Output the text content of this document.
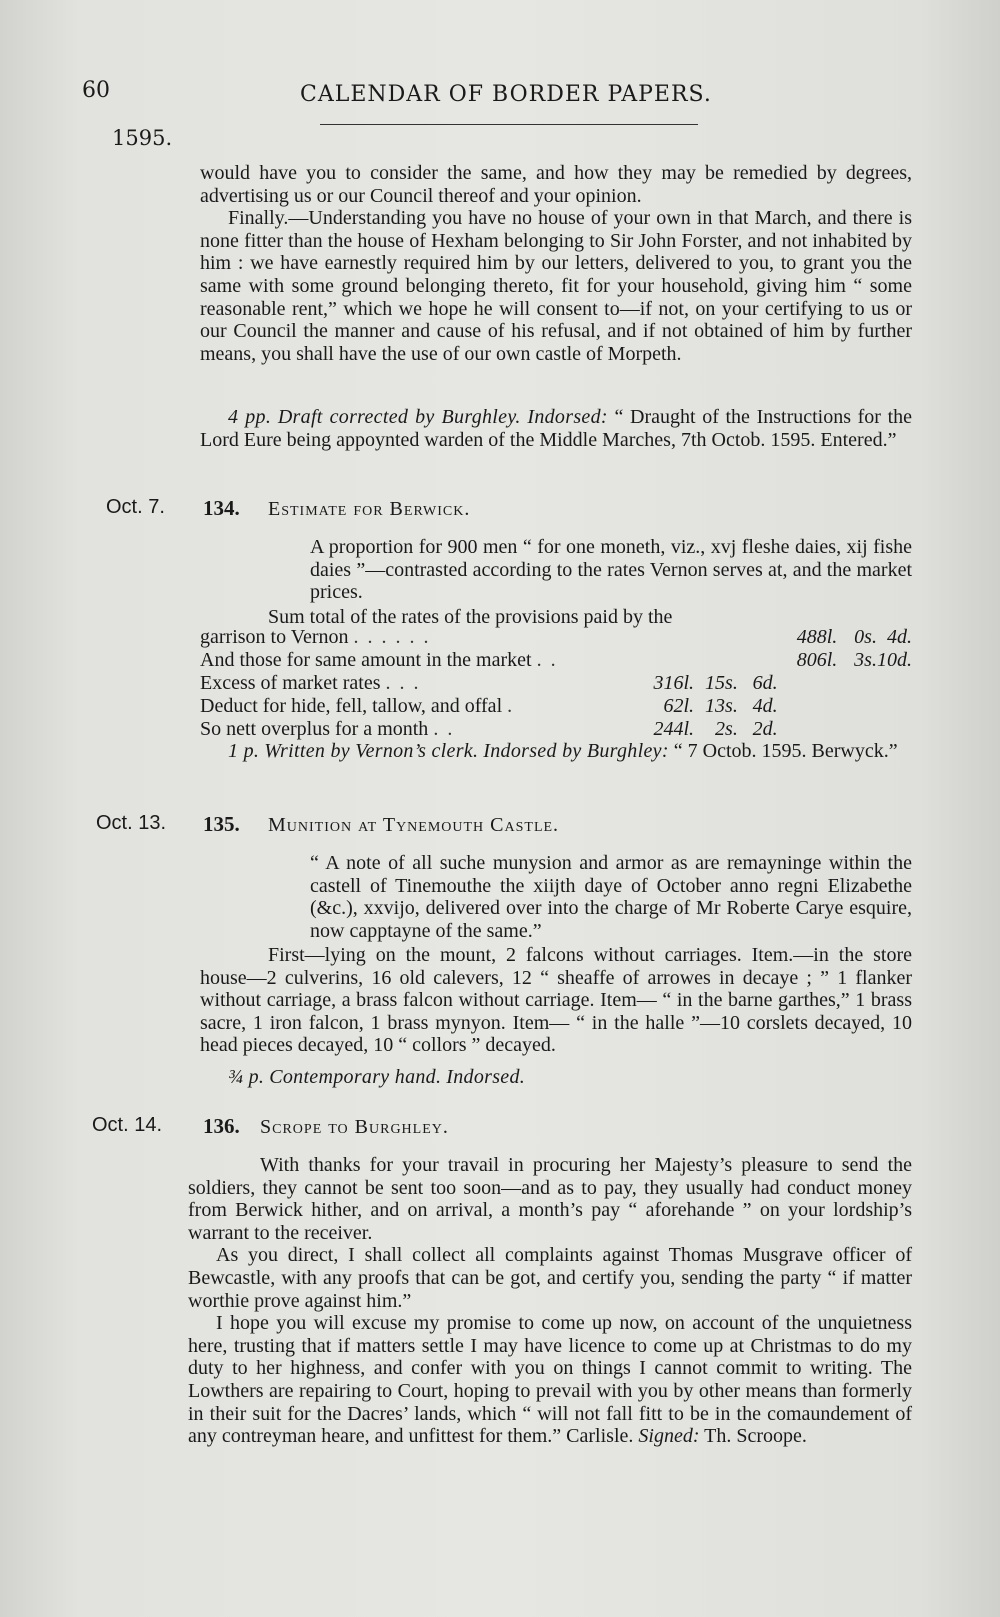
60	CALENDAR OF BORDER PAPERS.
1595.

would have you to consider the same, and how they may be remedied by degrees, advertising us or our Council thereof and your opinion.

Finally.—Understanding you have no house of your own in that March, and there is none fitter than the house of Hexham belonging to Sir John Forster, and not inhabited by him : we have earnestly required him by our letters, delivered to you, to grant you the same with some ground belonging thereto, fit for your household, giving him “ some reasonable rent,” which we hope he will consent to—if not, on your certifying to us or our Council the manner and cause of his refusal, and if not obtained of him by further means, you shall have the use of our own castle of Morpeth.

4 pp. Draft corrected by Burghley. Indorsed: “ Draught of the Instructions for the Lord Eure being appoynted warden of the Middle Marches, 7th Octob. 1595. Entered.”
Oct. 7. 134. Estimate for Berwick.

A proportion for 900 men “ for one moneth, viz., xvj fleshe daies, xij fishe daies ”—contrasted according to the rates Vernon serves at, and the market prices.

Sum total of the rates of the provisions paid by the
garrison to Vernon . . . . . .				488l.	0s.	4d.
And those for same amount in the market . .				806l.	3s.	10d.
Excess of market rates . . .	316l.	15s.	6d.			
Deduct for hide, fell, tallow, and offal .	62l.	13s.	4d.			
So nett overplus for a month . .	244l.	2s.	2d.			
1 p. Written by Vernon’s clerk. Indorsed by Burghley: “ 7 Octob. 1595. Berwyck.”
Oct. 13. 135. Munition at Tynemouth Castle.

“ A note of all suche munysion and armor as are remayninge within the castell of Tinemouthe the xiijth daye of October anno regni Elizabethe (&c.), xxvijo, delivered over into the charge of Mr Roberte Carye esquire, now capptayne of the same.”

First—lying on the mount, 2 falcons without carriages. Item.—in the store house—2 culverins, 16 old calevers, 12 “ sheaffe of arrowes in decaye ; ” 1 flanker without carriage, a brass falcon without carriage. Item— “ in the barne garthes,” 1 brass sacre, 1 iron falcon, 1 brass mynyon. Item— “ in the halle ”—10 corslets decayed, 10 head pieces decayed, 10 “ collors ” decayed.

¾ p. Contemporary hand. Indorsed.
Oct. 14. 136. Scrope to Burghley.

With thanks for your travail in procuring her Majesty’s pleasure to send the soldiers, they cannot be sent too soon—and as to pay, they usually had conduct money from Berwick hither, and on arrival, a month’s pay “ aforehande ” on your lordship’s warrant to the receiver.

As you direct, I shall collect all complaints against Thomas Musgrave officer of Bewcastle, with any proofs that can be got, and certify you, sending the party “ if matter worthie prove against him.”

I hope you will excuse my promise to come up now, on account of the unquietness here, trusting that if matters settle I may have licence to come up at Christmas to do my duty to her highness, and confer with you on things I cannot commit to writing. The Lowthers are repairing to Court, hoping to prevail with you by other means than formerly in their suit for the Dacres’ lands, which “ will not fall fitt to be in the comaundement of any contreyman heare, and unfittest for them.” Carlisle. Signed: Th. Scroope.
